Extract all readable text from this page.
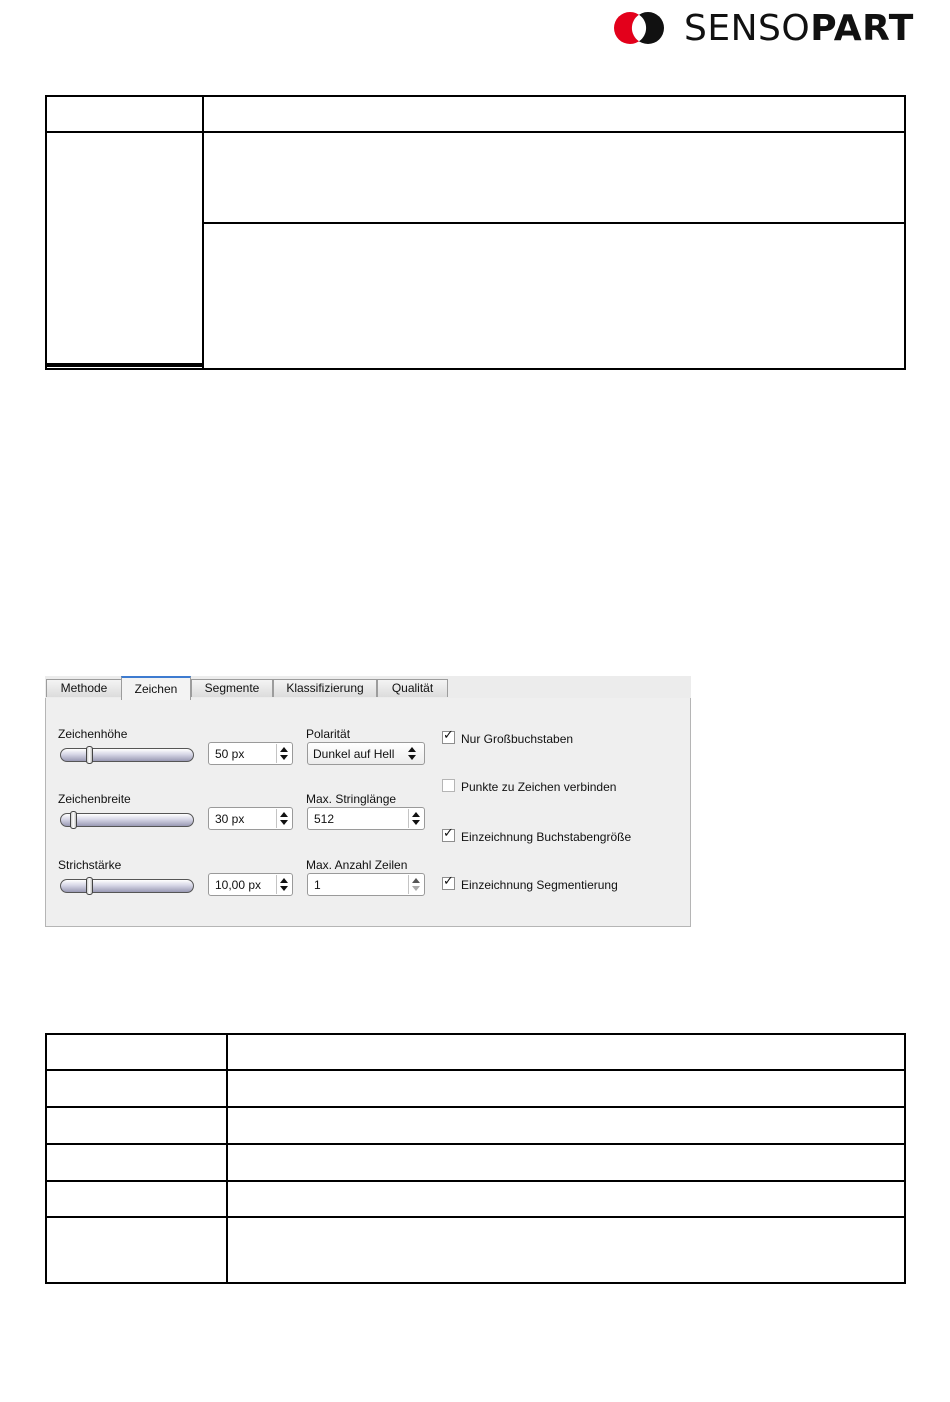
SENSOPART
Methode	Zeichen	Segmente	Klassifizierung	Qualität
Zeichenhöhe
50 px
Zeichenbreite
30 px
Strichstärke
10,00 px
Polarität
Dunkel auf Hell
Max. Stringlänge
512
Max. Anzahl Zeilen
1
✓ Nur Großbuchstaben
Punkte zu Zeichen verbinden
✓ Einzeichnung Buchstabengröße
✓ Einzeichnung Segmentierung
